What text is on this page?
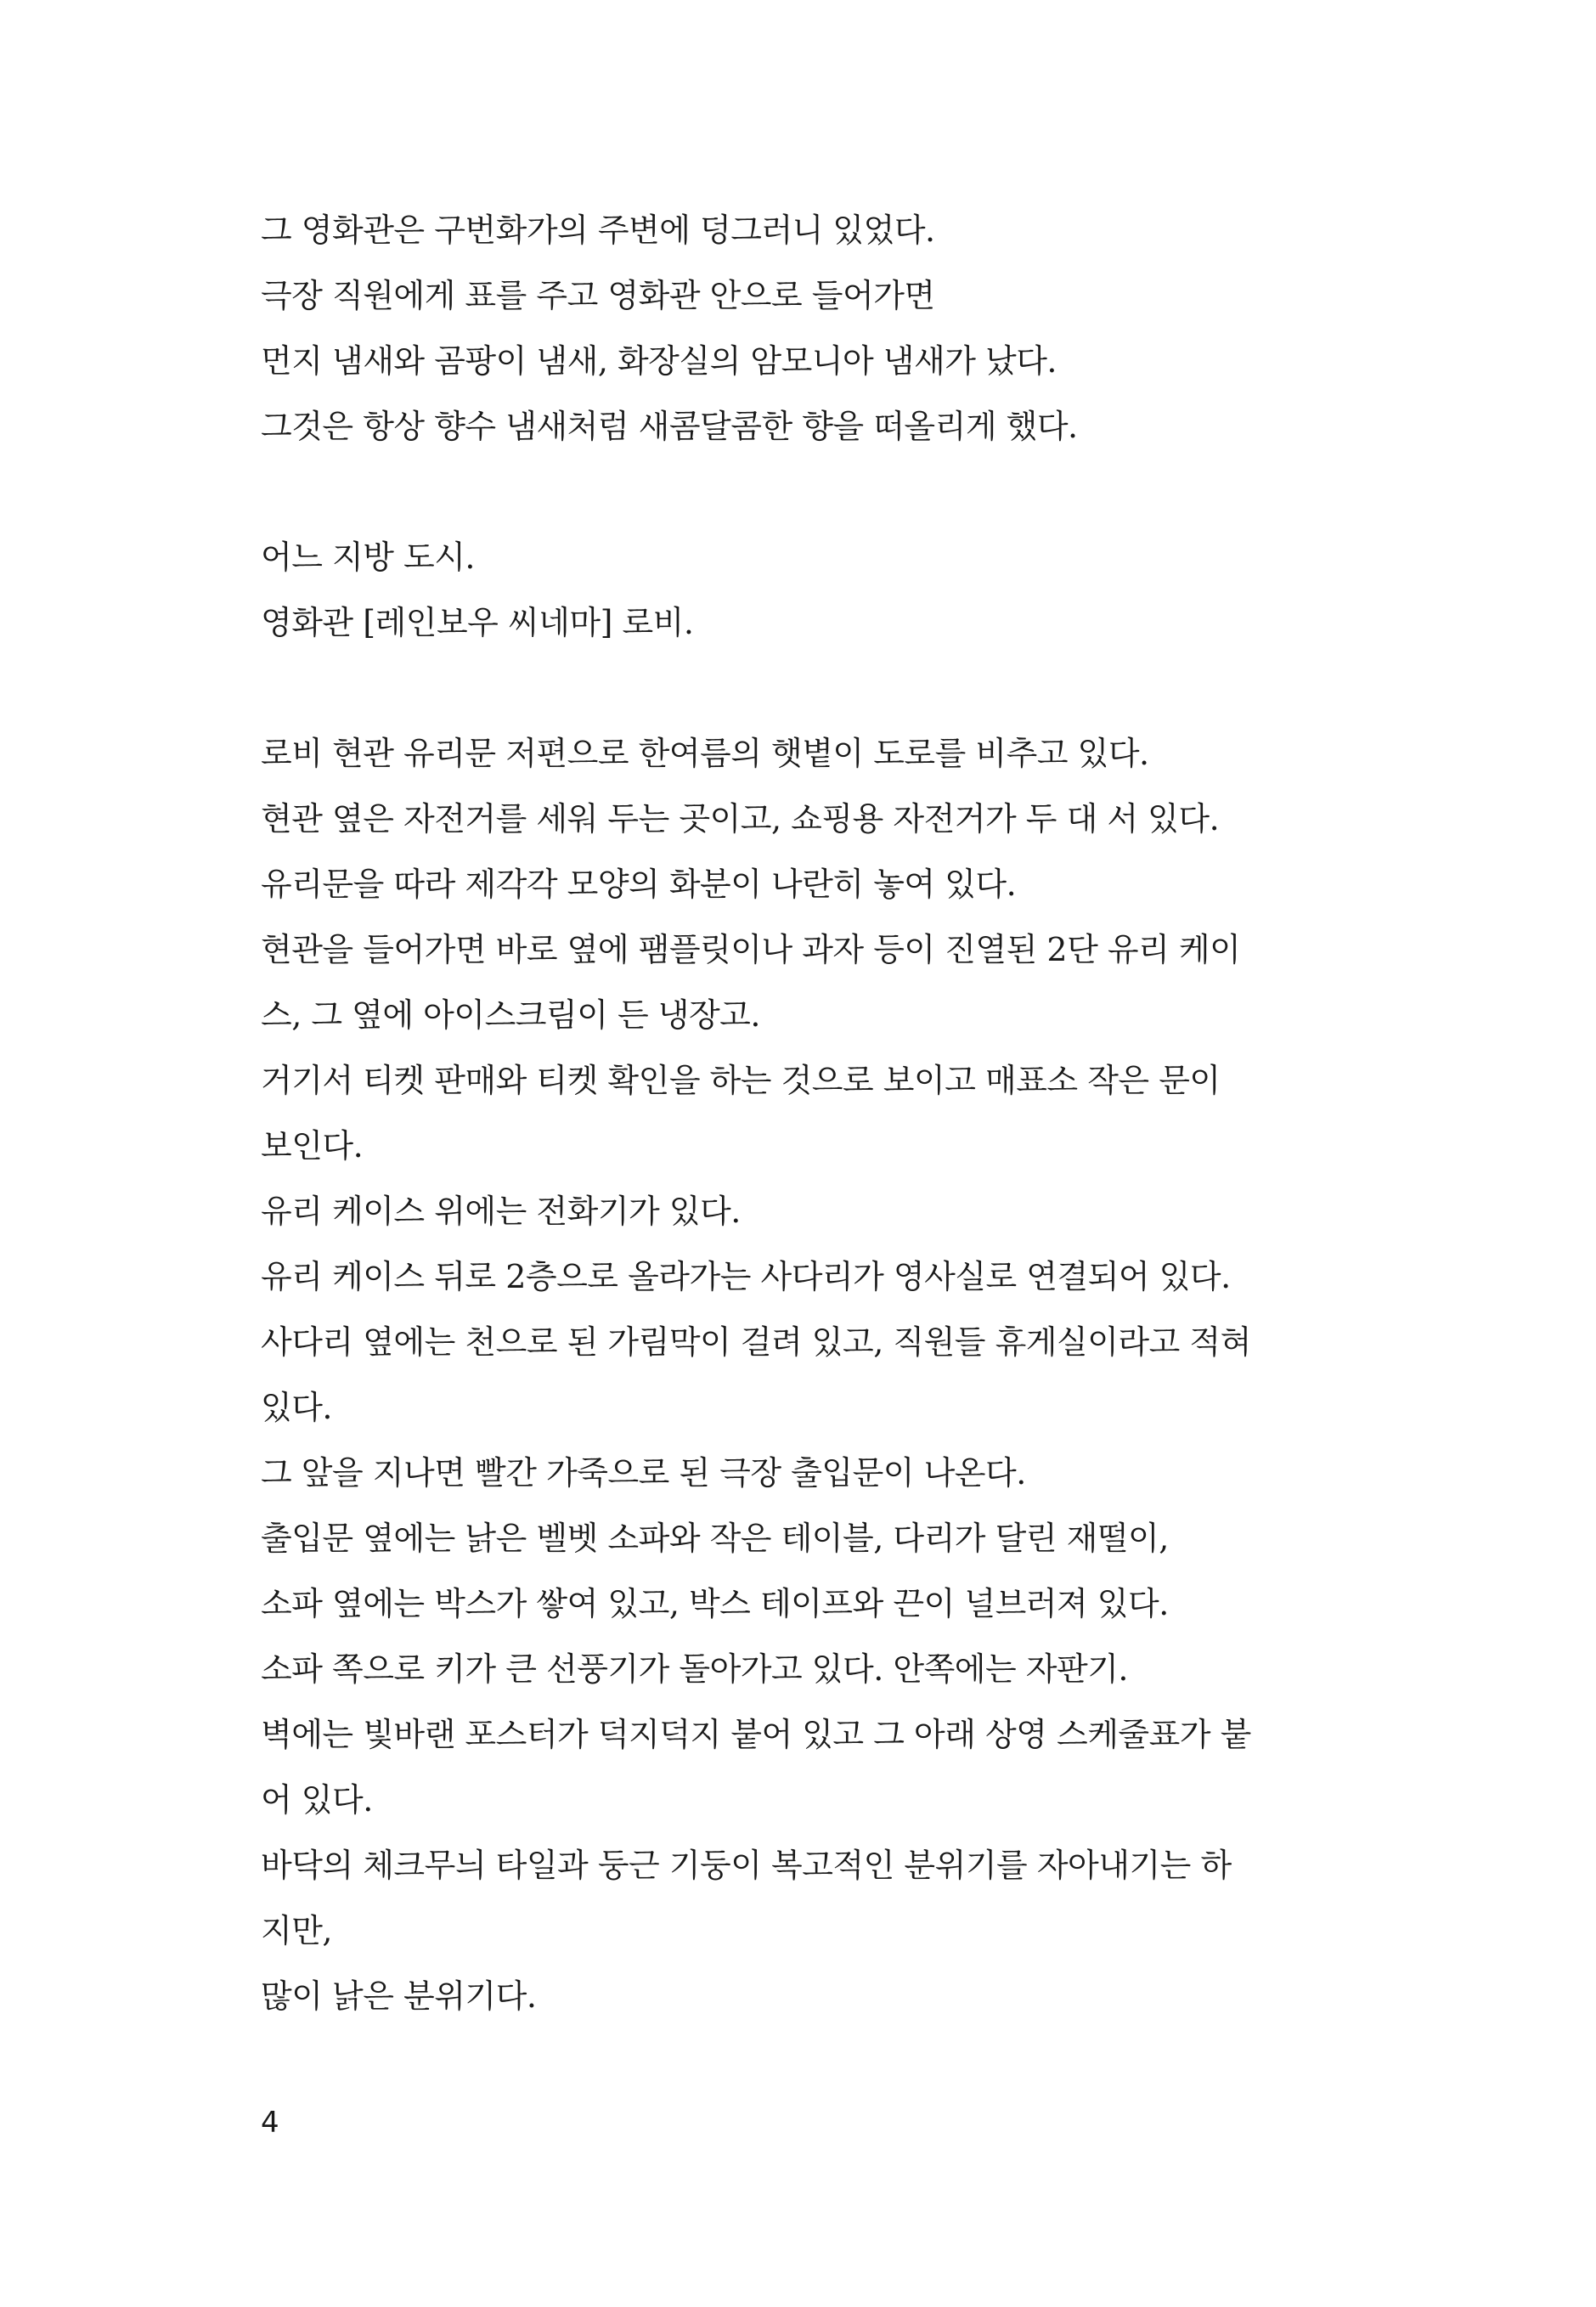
그 영화관은 구번화가의 주변에 덩그러니 있었다.
극장 직원에게 표를 주고 영화관 안으로 들어가면
먼지 냄새와 곰팡이 냄새, 화장실의 암모니아 냄새가 났다.
그것은 항상 향수 냄새처럼 새콤달콤한 향을 떠올리게 했다.
어느 지방 도시.
영화관 [레인보우 씨네마] 로비.
로비 현관 유리문 저편으로 한여름의 햇볕이 도로를 비추고 있다.
현관 옆은 자전거를 세워 두는 곳이고, 쇼핑용 자전거가 두 대 서 있다.
유리문을 따라 제각각 모양의 화분이 나란히 놓여 있다.
현관을 들어가면 바로 옆에 팸플릿이나 과자 등이 진열된 2단 유리 케이
스, 그 옆에 아이스크림이 든 냉장고.
거기서 티켓 판매와 티켓 확인을 하는 것으로 보이고 매표소 작은 문이
보인다.
유리 케이스 위에는 전화기가 있다.
유리 케이스 뒤로 2층으로 올라가는 사다리가 영사실로 연결되어 있다.
사다리 옆에는 천으로 된 가림막이 걸려 있고, 직원들 휴게실이라고 적혀
있다.
그 앞을 지나면 빨간 가죽으로 된 극장 출입문이 나온다.
출입문 옆에는 낡은 벨벳 소파와 작은 테이블, 다리가 달린 재떨이,
소파 옆에는 박스가 쌓여 있고, 박스 테이프와 끈이 널브러져 있다.
소파 쪽으로 키가 큰 선풍기가 돌아가고 있다. 안쪽에는 자판기.
벽에는 빛바랜 포스터가 덕지덕지 붙어 있고 그 아래 상영 스케줄표가 붙
어 있다.
바닥의 체크무늬 타일과 둥근 기둥이 복고적인 분위기를 자아내기는 하
지만,
많이 낡은 분위기다.
4
